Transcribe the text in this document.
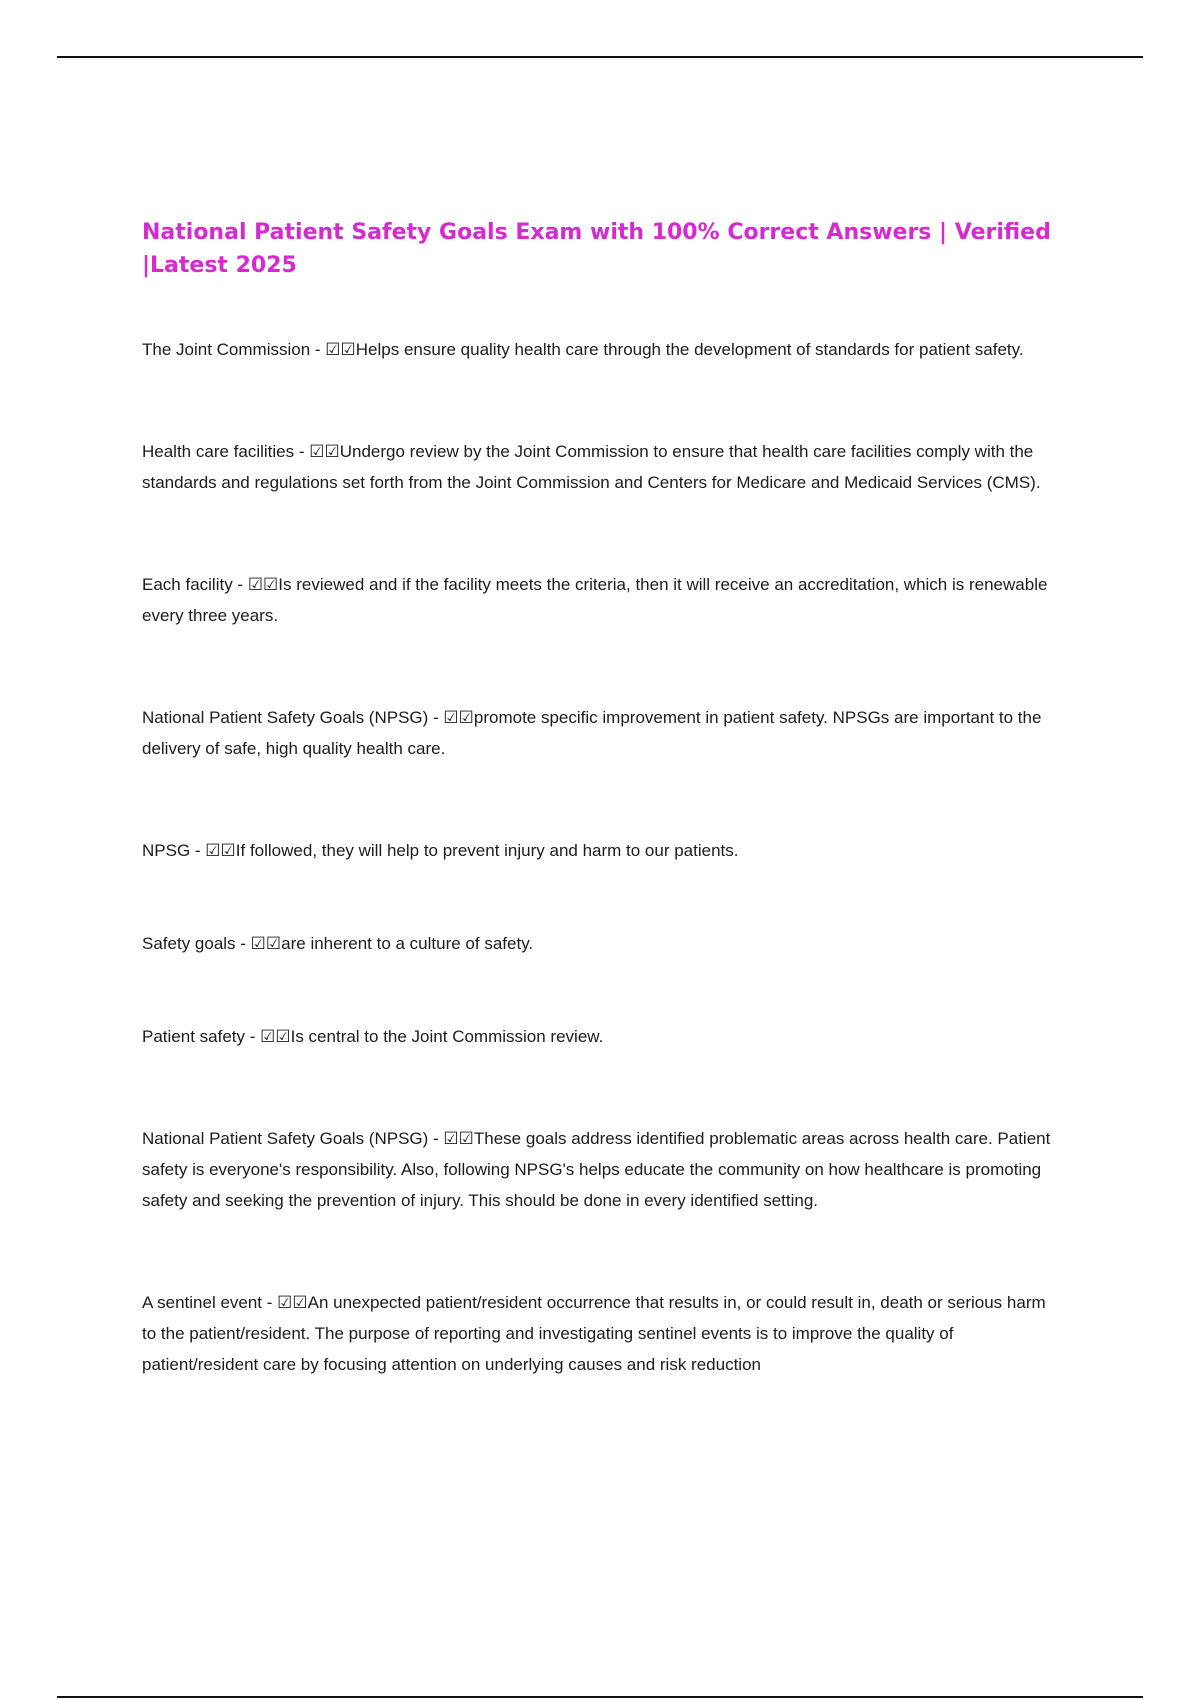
National Patient Safety Goals Exam with 100% Correct Answers | Verified |Latest 2025

The Joint Commission - ☑☑Helps ensure quality health care through the development of standards for patient safety.

Health care facilities - ☑☑Undergo review by the Joint Commission to ensure that health care facilities comply with the standards and regulations set forth from the Joint Commission and Centers for Medicare and Medicaid Services (CMS).

Each facility - ☑☑Is reviewed and if the facility meets the criteria, then it will receive an accreditation, which is renewable every three years.

National Patient Safety Goals (NPSG) - ☑☑promote specific improvement in patient safety. NPSGs are important to the delivery of safe, high quality health care.

NPSG - ☑☑If followed, they will help to prevent injury and harm to our patients.

Safety goals - ☑☑are inherent to a culture of safety.

Patient safety - ☑☑Is central to the Joint Commission review.

National Patient Safety Goals (NPSG) - ☑☑These goals address identified problematic areas across health care. Patient safety is everyone's responsibility. Also, following NPSG's helps educate the community on how healthcare is promoting safety and seeking the prevention of injury. This should be done in every identified setting.

A sentinel event - ☑☑An unexpected patient/resident occurrence that results in, or could result in, death or serious harm to the patient/resident. The purpose of reporting and investigating sentinel events is to improve the quality of patient/resident care by focusing attention on underlying causes and risk reduction
